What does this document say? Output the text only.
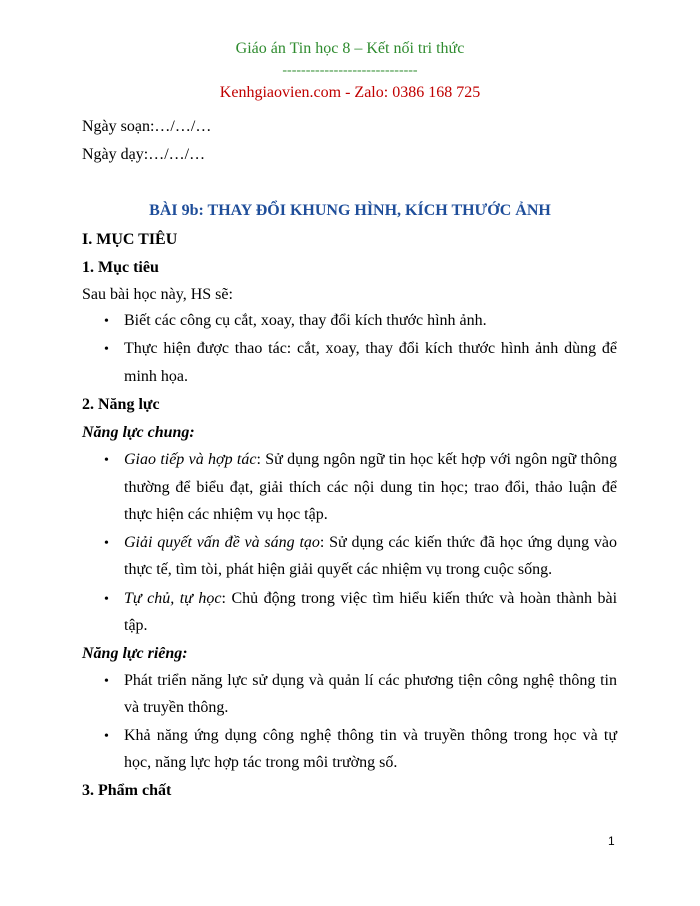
Giáo án Tin học 8 – Kết nối tri thức
-----------------------------
Kenhgiaovien.com - Zalo: 0386 168 725
Ngày soạn:…/…/…
Ngày dạy:…/…/…
BÀI 9b: THAY ĐỔI KHUNG HÌNH, KÍCH THƯỚC ẢNH
I. MỤC TIÊU
1. Mục tiêu
Sau bài học này, HS sẽ:
• Biết các công cụ cắt, xoay, thay đổi kích thước hình ảnh.
• Thực hiện được thao tác: cắt, xoay, thay đổi kích thước hình ảnh dùng để
minh họa.
2. Năng lực
Năng lực chung:
• Giao tiếp và hợp tác: Sử dụng ngôn ngữ tin học kết hợp với ngôn ngữ thông
thường để biểu đạt, giải thích các nội dung tin học; trao đổi, thảo luận để
thực hiện các nhiệm vụ học tập.
• Giải quyết vấn đề và sáng tạo: Sử dụng các kiến thức đã học ứng dụng vào
thực tế, tìm tòi, phát hiện giải quyết các nhiệm vụ trong cuộc sống.
• Tự chủ, tự học: Chủ động trong việc tìm hiểu kiến thức và hoàn thành bài
tập.
Năng lực riêng:
• Phát triển năng lực sử dụng và quản lí các phương tiện công nghệ thông tin
và truyền thông.
• Khả năng ứng dụng công nghệ thông tin và truyền thông trong học và tự
học, năng lực hợp tác trong môi trường số.
3. Phẩm chất
1
